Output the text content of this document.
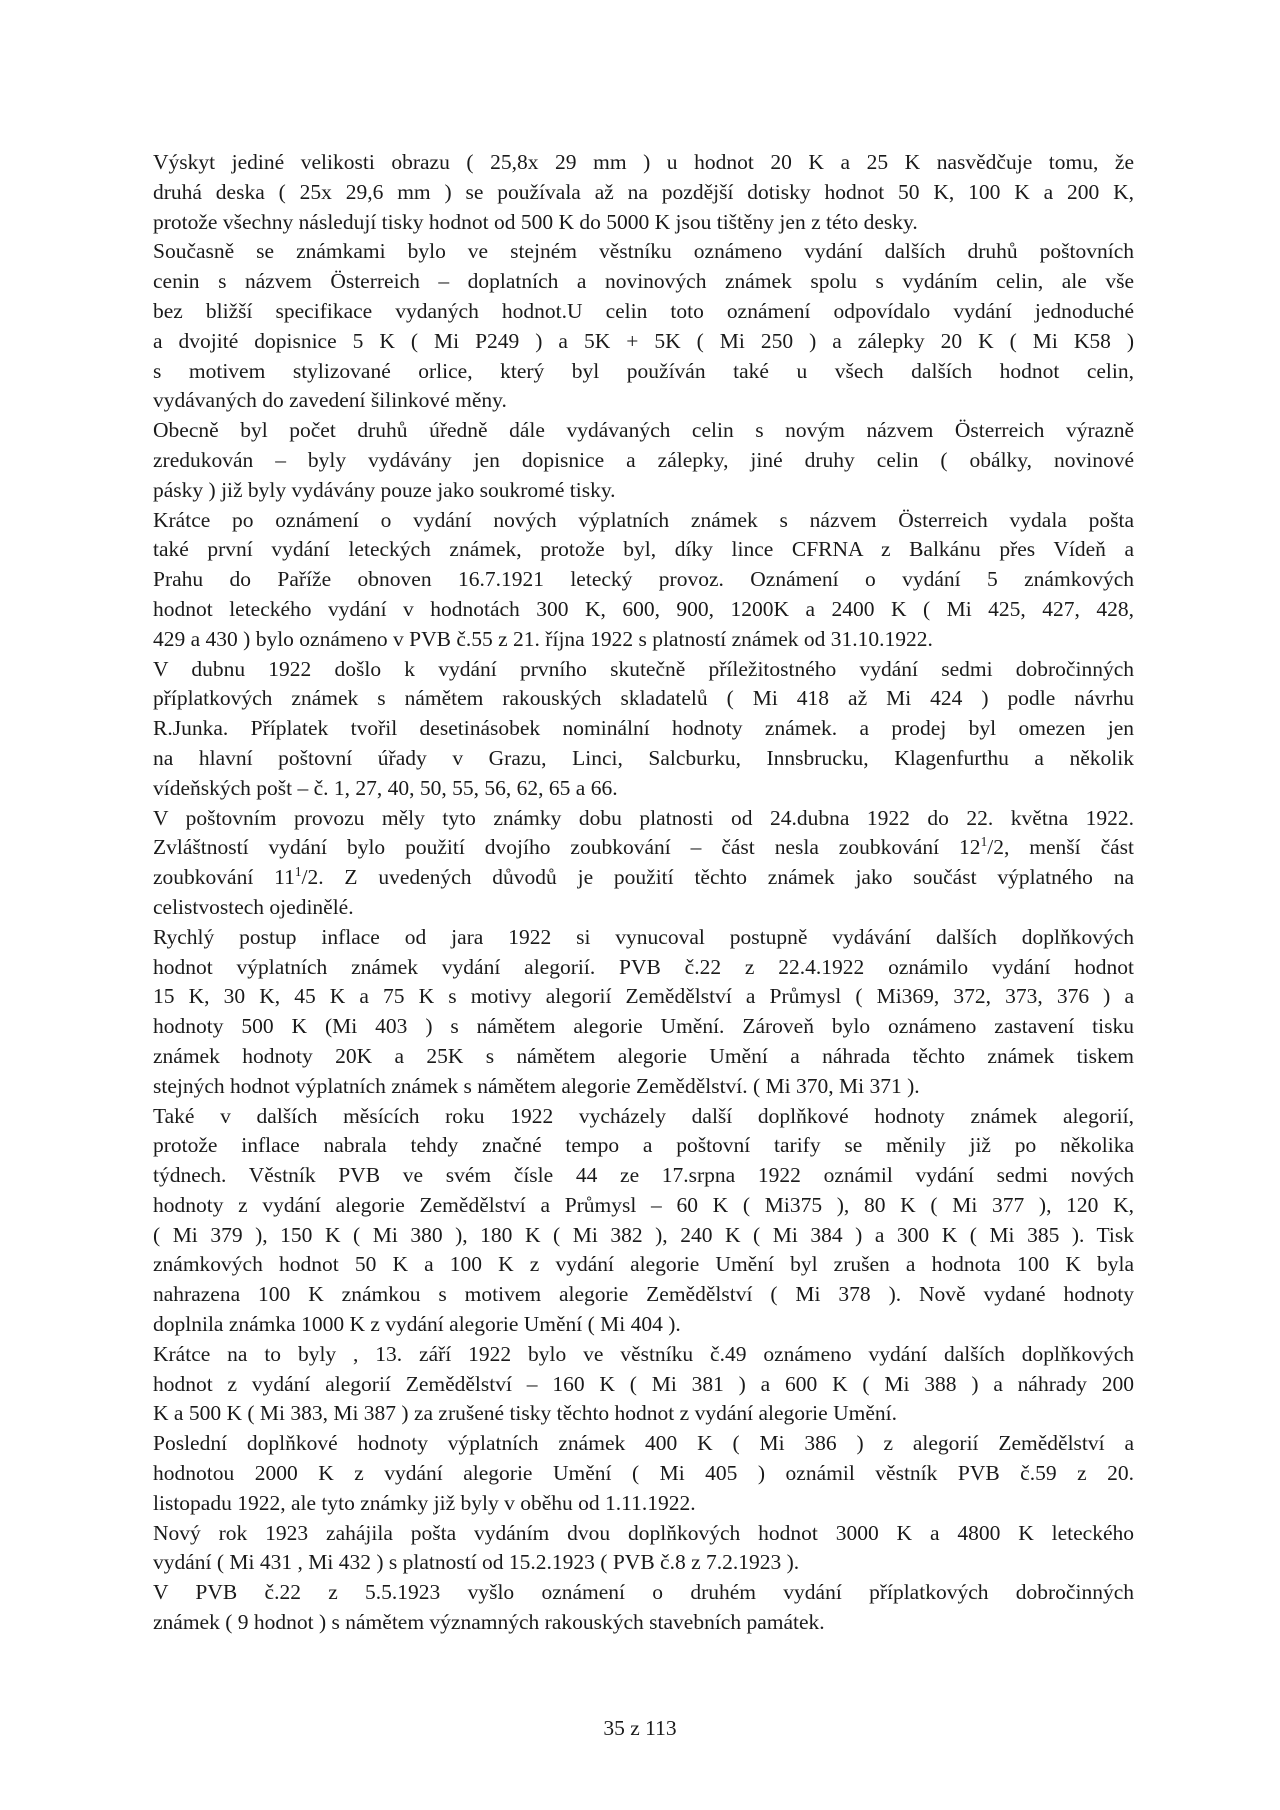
Výskyt jediné velikosti obrazu ( 25,8x 29 mm ) u hodnot 20 K a 25 K nasvědčuje tomu, že
druhá deska ( 25x 29,6 mm ) se používala až na pozdější dotisky hodnot 50 K, 100 K a 200 K,
protože všechny následují tisky hodnot od 500 K do 5000 K jsou tištěny jen z této desky.
Současně se známkami bylo ve stejném věstníku oznámeno vydání dalších druhů poštovních
cenin s názvem Österreich – doplatních a novinových známek spolu s vydáním celin, ale vše
bez bližší specifikace vydaných hodnot.U celin toto oznámení odpovídalo vydání jednoduché
a dvojité dopisnice 5 K ( Mi P249 ) a 5K + 5K ( Mi 250 ) a zálepky 20 K ( Mi K58 )
s motivem stylizované orlice, který byl používán také u všech dalších hodnot celin,
vydávaných do zavedení šilinkové měny.
Obecně byl počet druhů úředně dále vydávaných celin s novým názvem Österreich výrazně
zredukován – byly vydávány jen dopisnice a zálepky, jiné druhy celin ( obálky, novinové
pásky ) již byly vydávány pouze jako soukromé tisky.
Krátce po oznámení o vydání nových výplatních známek s názvem Österreich vydala pošta
také první vydání leteckých známek, protože byl, díky lince CFRNA z Balkánu přes Vídeň a
Prahu do Paříže obnoven 16.7.1921 letecký provoz. Oznámení o vydání 5 známkových
hodnot leteckého vydání v hodnotách 300 K, 600, 900, 1200K a 2400 K ( Mi 425, 427, 428,
429 a 430 ) bylo oznámeno v PVB č.55 z 21. října 1922 s platností známek od 31.10.1922.
V dubnu 1922 došlo k vydání prvního skutečně příležitostného vydání sedmi dobročinných
příplatkových známek s námětem rakouských skladatelů ( Mi 418 až Mi 424 ) podle návrhu
R.Junka. Příplatek tvořil desetinásobek nominální hodnoty známek. a prodej byl omezen jen
na hlavní poštovní úřady v Grazu, Linci, Salcburku, Innsbrucku, Klagenfurthu a několik
vídeňských pošt – č. 1, 27, 40, 50, 55, 56, 62, 65 a 66.
V poštovním provozu měly tyto známky dobu platnosti od 24.dubna 1922 do 22. května 1922.
Zvláštností vydání bylo použití dvojího zoubkování – část nesla zoubkování $12^1/2$, menší část
zoubkování $11^1/2$. Z uvedených důvodů je použití těchto známek jako součást výplatného na
celistvostech ojedinělé.
Rychlý postup inflace od jara 1922 si vynucoval postupně vydávání dalších doplňkových
hodnot výplatních známek vydání alegorií. PVB č.22 z 22.4.1922 oznámilo vydání hodnot
15 K, 30 K, 45 K a 75 K s motivy alegorií Zemědělství a Průmysl ( Mi369, 372, 373, 376 ) a
hodnoty 500 K (Mi 403 ) s námětem alegorie Umění. Zároveň bylo oznámeno zastavení tisku
známek hodnoty 20K a 25K s námětem alegorie Umění a náhrada těchto známek tiskem
stejných hodnot výplatních známek s námětem alegorie Zemědělství. ( Mi 370, Mi 371 ).
Také v dalších měsících roku 1922 vycházely další doplňkové hodnoty známek alegorií,
protože inflace nabrala tehdy značné tempo a poštovní tarify se měnily již po několika
týdnech. Věstník PVB ve svém čísle 44 ze 17.srpna 1922 oznámil vydání sedmi nových
hodnoty z vydání alegorie Zemědělství a Průmysl – 60 K ( Mi375 ), 80 K ( Mi 377 ), 120 K,
( Mi 379 ), 150 K ( Mi 380 ), 180 K ( Mi 382 ), 240 K ( Mi 384 ) a 300 K ( Mi 385 ). Tisk
známkových hodnot 50 K a 100 K z vydání alegorie Umění byl zrušen a hodnota 100 K byla
nahrazena 100 K známkou s motivem alegorie Zemědělství ( Mi 378 ). Nově vydané hodnoty
doplnila známka 1000 K z vydání alegorie Umění ( Mi 404 ).
Krátce na to byly , 13. září 1922 bylo ve věstníku č.49 oznámeno vydání dalších doplňkových
hodnot z vydání alegorií Zemědělství – 160 K ( Mi 381 ) a 600 K ( Mi 388 ) a náhrady 200
K a 500 K ( Mi 383, Mi 387 ) za zrušené tisky těchto hodnot z vydání alegorie Umění.
Poslední doplňkové hodnoty výplatních známek 400 K ( Mi 386 ) z alegorií Zemědělství a
hodnotou 2000 K z vydání alegorie Umění ( Mi 405 ) oznámil věstník PVB č.59 z 20.
listopadu 1922, ale tyto známky již byly v oběhu od 1.11.1922.
Nový rok 1923 zahájila pošta vydáním dvou doplňkových hodnot 3000 K a 4800 K leteckého
vydání ( Mi 431 , Mi 432 ) s platností od 15.2.1923 ( PVB č.8 z 7.2.1923 ).
V PVB č.22 z 5.5.1923 vyšlo oznámení o druhém vydání příplatkových dobročinných
známek ( 9 hodnot ) s námětem významných rakouských stavebních památek.
35 z 113
